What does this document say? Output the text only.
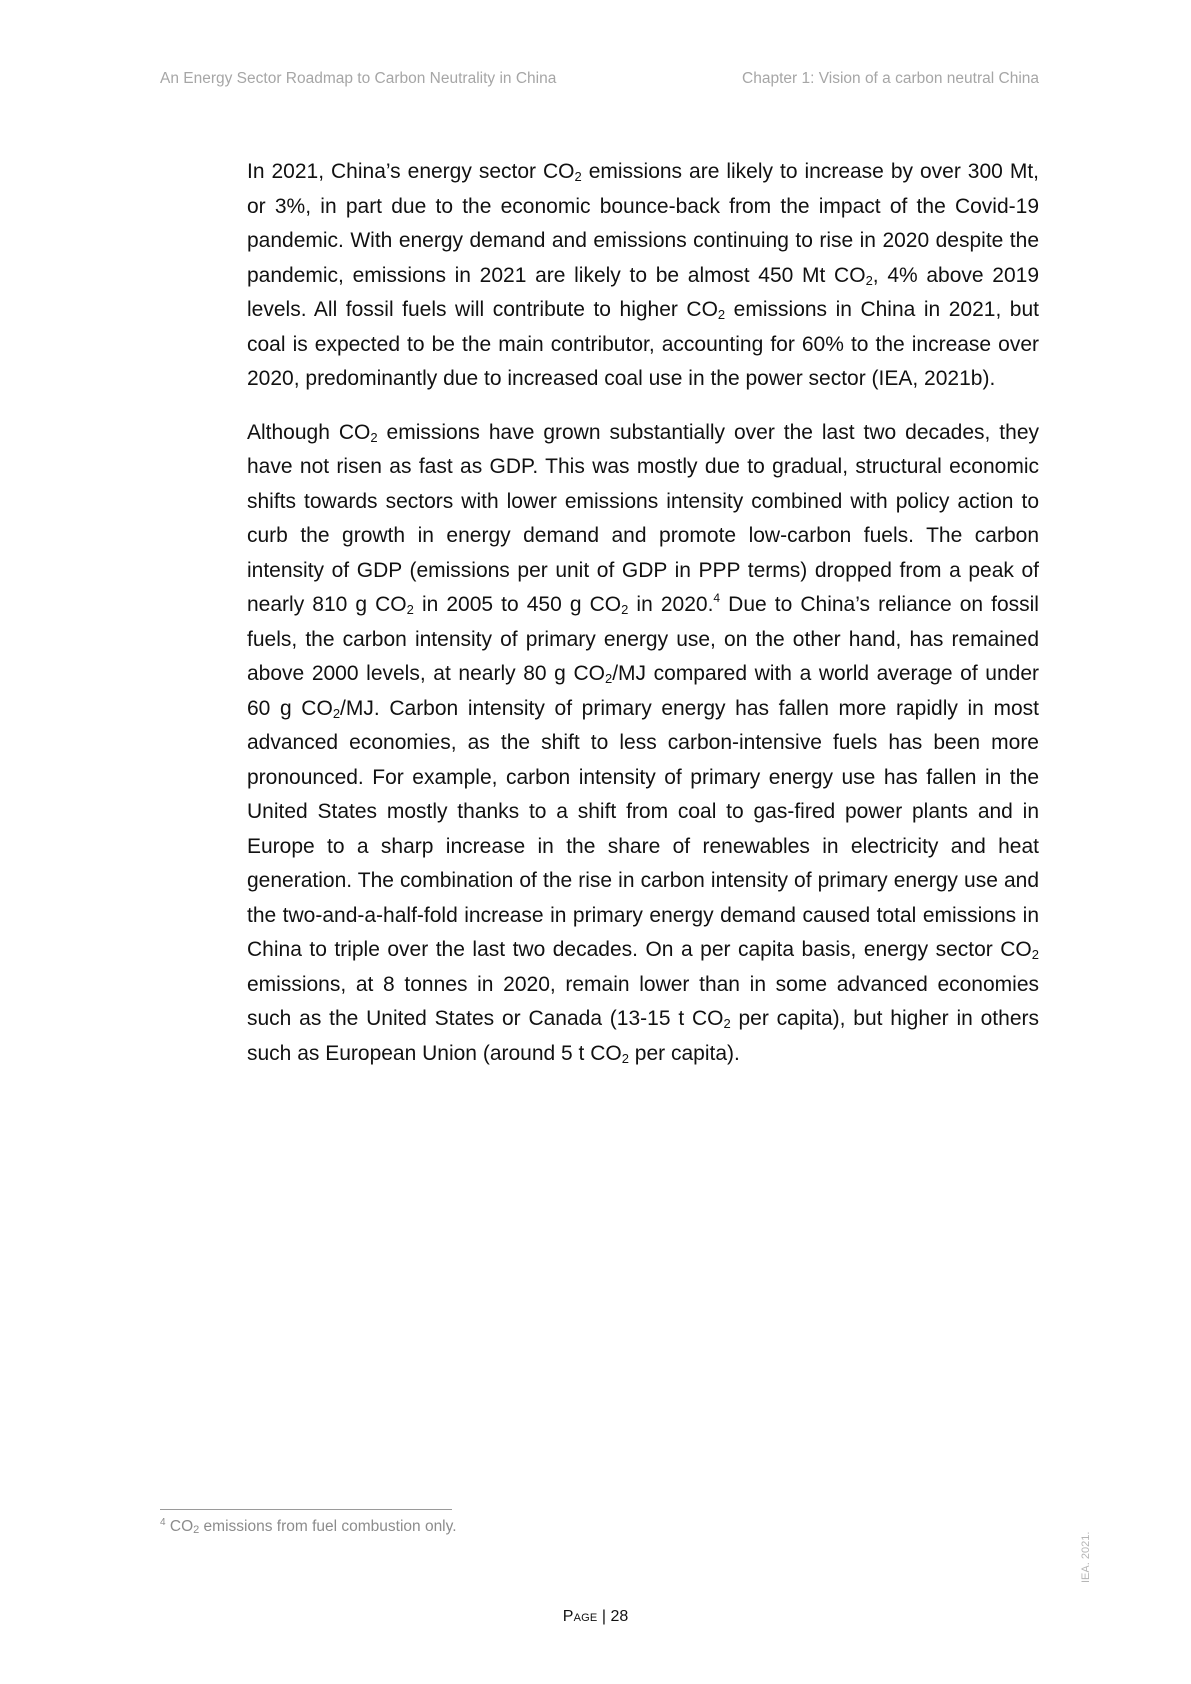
An Energy Sector Roadmap to Carbon Neutrality in China	Chapter 1: Vision of a carbon neutral China

In 2021, China’s energy sector $CO_2$ emissions are likely to increase by over 300 Mt, or 3%, in part due to the economic bounce-back from the impact of the Covid-19 pandemic. With energy demand and emissions continuing to rise in 2020 despite the pandemic, emissions in 2021 are likely to be almost 450 Mt $CO_2$, 4% above 2019 levels. All fossil fuels will contribute to higher $CO_2$ emissions in China in 2021, but coal is expected to be the main contributor, accounting for 60% to the increase over 2020, predominantly due to increased coal use in the power sector (IEA, 2021b).

Although $CO_2$ emissions have grown substantially over the last two decades, they have not risen as fast as GDP. This was mostly due to gradual, structural economic shifts towards sectors with lower emissions intensity combined with policy action to curb the growth in energy demand and promote low-carbon fuels. The carbon intensity of GDP (emissions per unit of GDP in PPP terms) dropped from a peak of nearly 810 g $CO_2$ in 2005 to 450 g $CO_2$ in 2020.$^4$ Due to China’s reliance on fossil fuels, the carbon intensity of primary energy use, on the other hand, has remained above 2000 levels, at nearly 80 g $CO_2/MJ$ compared with a world average of under 60 g $CO_2/MJ$. Carbon intensity of primary energy has fallen more rapidly in most advanced economies, as the shift to less carbon-intensive fuels has been more pronounced. For example, carbon intensity of primary energy use has fallen in the United States mostly thanks to a shift from coal to gas-fired power plants and in Europe to a sharp increase in the share of renewables in electricity and heat generation. The combination of the rise in carbon intensity of primary energy use and the two-and-a-half-fold increase in primary energy demand caused total emissions in China to triple over the last two decades. On a per capita basis, energy sector $CO_2$ emissions, at 8 tonnes in 2020, remain lower than in some advanced economies such as the United States or Canada (13-15 t $CO_2$ per capita), but higher in others such as European Union (around 5 t $CO_2$ per capita).

$^4$ $CO_2$ emissions from fuel combustion only.
Page | 28
IEA. 2021.
